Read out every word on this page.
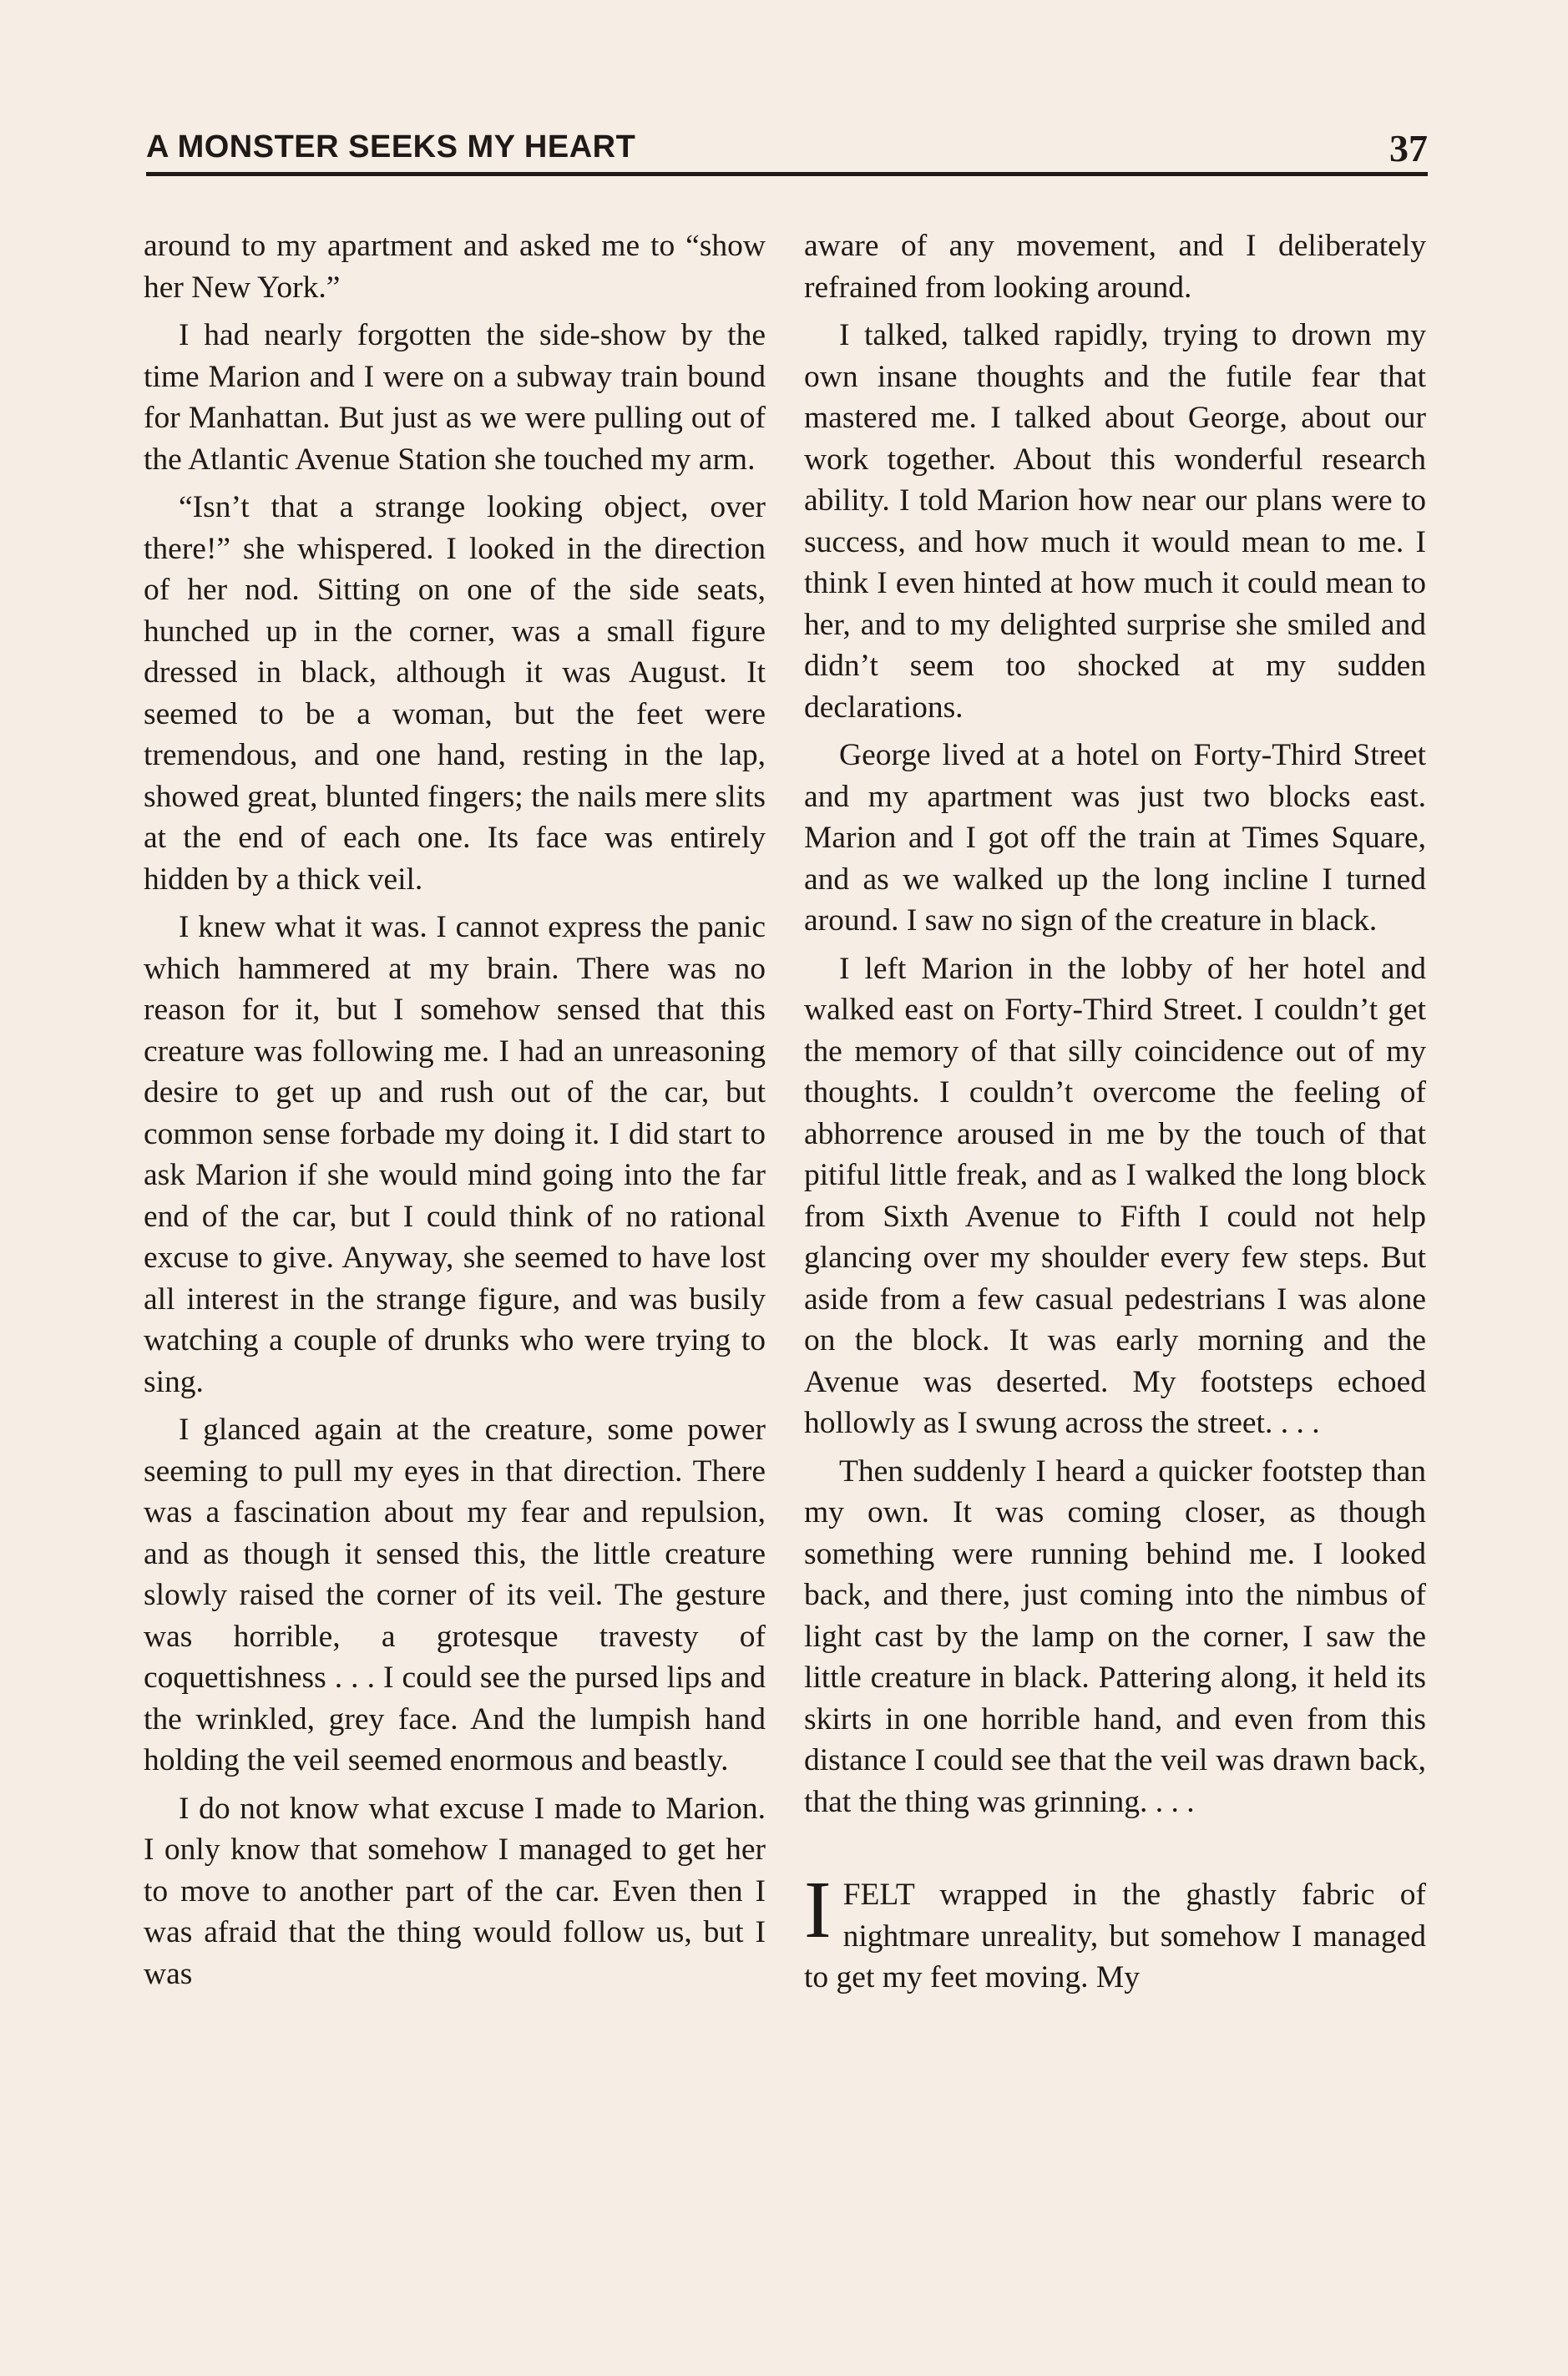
A MONSTER SEEKS MY HEART	37

around to my apartment and asked me to “show her New York.”

I had nearly forgotten the side-show by the time Marion and I were on a subway train bound for Manhattan. But just as we were pulling out of the Atlantic Avenue Station she touched my arm.

“Isn’t that a strange looking object, over there!” she whispered. I looked in the direction of her nod. Sitting on one of the side seats, hunched up in the corner, was a small figure dressed in black, although it was August. It seemed to be a woman, but the feet were tremendous, and one hand, resting in the lap, showed great, blunted fingers; the nails mere slits at the end of each one. Its face was entirely hidden by a thick veil.

I knew what it was. I cannot express the panic which hammered at my brain. There was no reason for it, but I somehow sensed that this creature was following me. I had an unreasoning desire to get up and rush out of the car, but common sense forbade my doing it. I did start to ask Marion if she would mind going into the far end of the car, but I could think of no rational excuse to give. Anyway, she seemed to have lost all interest in the strange figure, and was busily watching a couple of drunks who were trying to sing.

I glanced again at the creature, some power seeming to pull my eyes in that direction. There was a fascination about my fear and repulsion, and as though it sensed this, the little creature slowly raised the corner of its veil. The gesture was horrible, a grotesque travesty of coquettishness . . . I could see the pursed lips and the wrinkled, grey face. And the lumpish hand holding the veil seemed enormous and beastly.

I do not know what excuse I made to Marion. I only know that somehow I managed to get her to move to another part of the car. Even then I was afraid that the thing would follow us, but I was

aware of any movement, and I deliberately refrained from looking around.

I talked, talked rapidly, trying to drown my own insane thoughts and the futile fear that mastered me. I talked about George, about our work together. About this wonderful research ability. I told Marion how near our plans were to success, and how much it would mean to me. I think I even hinted at how much it could mean to her, and to my delighted surprise she smiled and didn’t seem too shocked at my sudden declarations.

George lived at a hotel on Forty-Third Street and my apartment was just two blocks east. Marion and I got off the train at Times Square, and as we walked up the long incline I turned around. I saw no sign of the creature in black.

I left Marion in the lobby of her hotel and walked east on Forty-Third Street. I couldn’t get the memory of that silly coincidence out of my thoughts. I couldn’t overcome the feeling of abhorrence aroused in me by the touch of that pitiful little freak, and as I walked the long block from Sixth Avenue to Fifth I could not help glancing over my shoulder every few steps. But aside from a few casual pedestrians I was alone on the block. It was early morning and the Avenue was deserted. My footsteps echoed hollowly as I swung across the street. . . .

Then suddenly I heard a quicker footstep than my own. It was coming closer, as though something were running behind me. I looked back, and there, just coming into the nimbus of light cast by the lamp on the corner, I saw the little creature in black. Pattering along, it held its skirts in one horrible hand, and even from this distance I could see that the veil was drawn back, that the thing was grinning. . . .

I FELT wrapped in the ghastly fabric of nightmare unreality, but somehow I managed to get my feet moving. My
